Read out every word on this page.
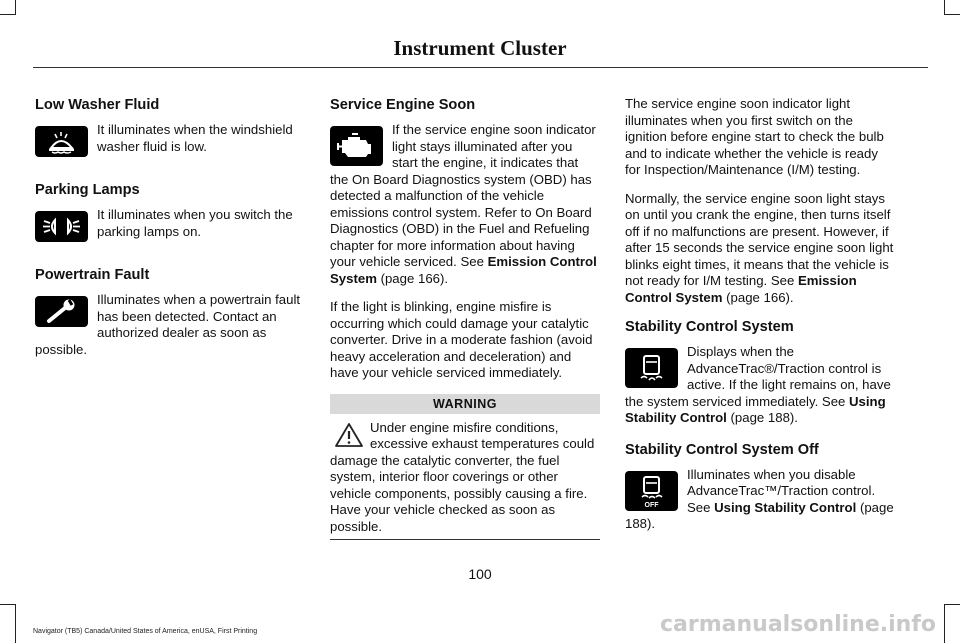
Instrument Cluster
Low Washer Fluid

It illuminates when the windshield washer fluid is low.

Parking Lamps

It illuminates when you switch the parking lamps on.

Powertrain Fault

Illuminates when a powertrain fault has been detected. Contact an authorized dealer as soon as possible.

Service Engine Soon

If the service engine soon indicator light stays illuminated after you start the engine, it indicates that the On Board Diagnostics system (OBD) has detected a malfunction of the vehicle emissions control system. Refer to On Board Diagnostics (OBD) in the Fuel and Refueling chapter for more information about having your vehicle serviced. See Emission Control System (page 166).

If the light is blinking, engine misfire is occurring which could damage your catalytic converter. Drive in a moderate fashion (avoid heavy acceleration and deceleration) and have your vehicle serviced immediately.

WARNING

Under engine misfire conditions, excessive exhaust temperatures could damage the catalytic converter, the fuel system, interior floor coverings or other vehicle components, possibly causing a fire. Have your vehicle checked as soon as possible.

The service engine soon indicator light illuminates when you first switch on the ignition before engine start to check the bulb and to indicate whether the vehicle is ready for Inspection/Maintenance (I/M) testing.

Normally, the service engine soon light stays on until you crank the engine, then turns itself off if no malfunctions are present. However, if after 15 seconds the service engine soon light blinks eight times, it means that the vehicle is not ready for I/M testing. See Emission Control System (page 166).

Stability Control System

Displays when the AdvanceTrac®/Traction control is active. If the light remains on, have the system serviced immediately. See Using Stability Control (page 188).

Stability Control System Off
OFF

Illuminates when you disable AdvanceTrac™/Traction control. See Using Stability Control (page 188).

100
Navigator (TB5) Canada/United States of America, enUSA, First Printing	carmanualsonline.info
